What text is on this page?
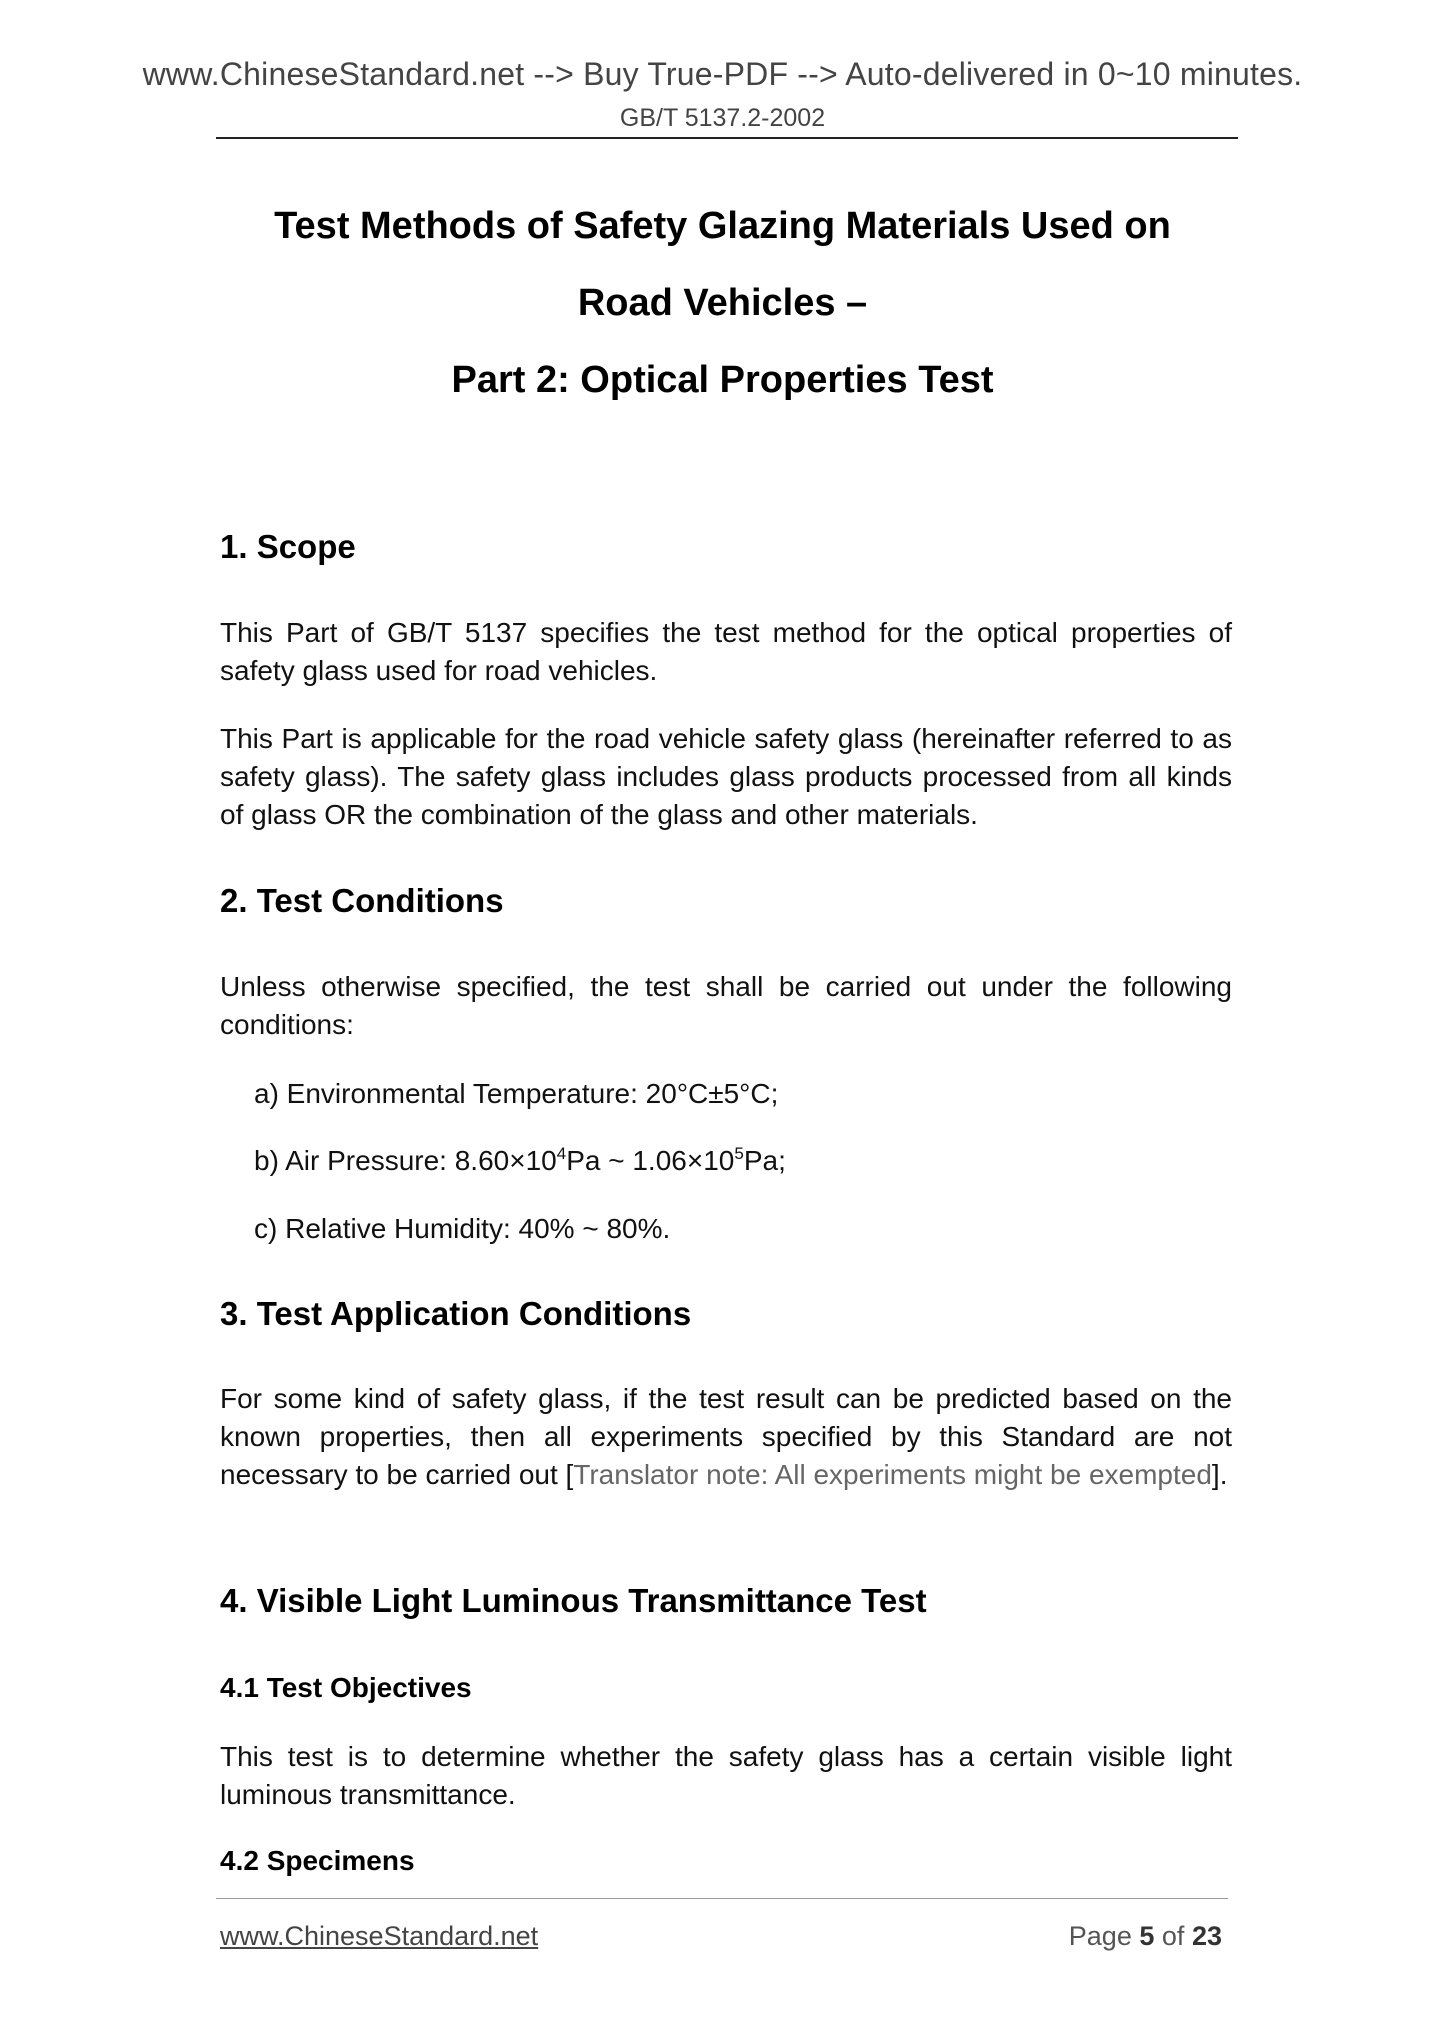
www.ChineseStandard.net --> Buy True-PDF --> Auto-delivered in 0~10 minutes.
GB/T 5137.2-2002
Test Methods of Safety Glazing Materials Used on
Road Vehicles –
Part 2: Optical Properties Test
1. Scope
This Part of GB/T 5137 specifies the test method for the optical properties of safety glass used for road vehicles.
This Part is applicable for the road vehicle safety glass (hereinafter referred to as safety glass). The safety glass includes glass products processed from all kinds of glass OR the combination of the glass and other materials.
2. Test Conditions
Unless otherwise specified, the test shall be carried out under the following conditions:
a) Environmental Temperature: 20°C±5°C;
b) Air Pressure: $8.60\times 10^4Pa$ ~ $1.06\times 10^5Pa$;
c) Relative Humidity: 40% ~ 80%.
3. Test Application Conditions
For some kind of safety glass, if the test result can be predicted based on the known properties, then all experiments specified by this Standard are not necessary to be carried out [Translator note: All experiments might be exempted].
4. Visible Light Luminous Transmittance Test
4.1 Test Objectives
This test is to determine whether the safety glass has a certain visible light luminous transmittance.
4.2 Specimens
www.ChineseStandard.net	Page 5 of 23
